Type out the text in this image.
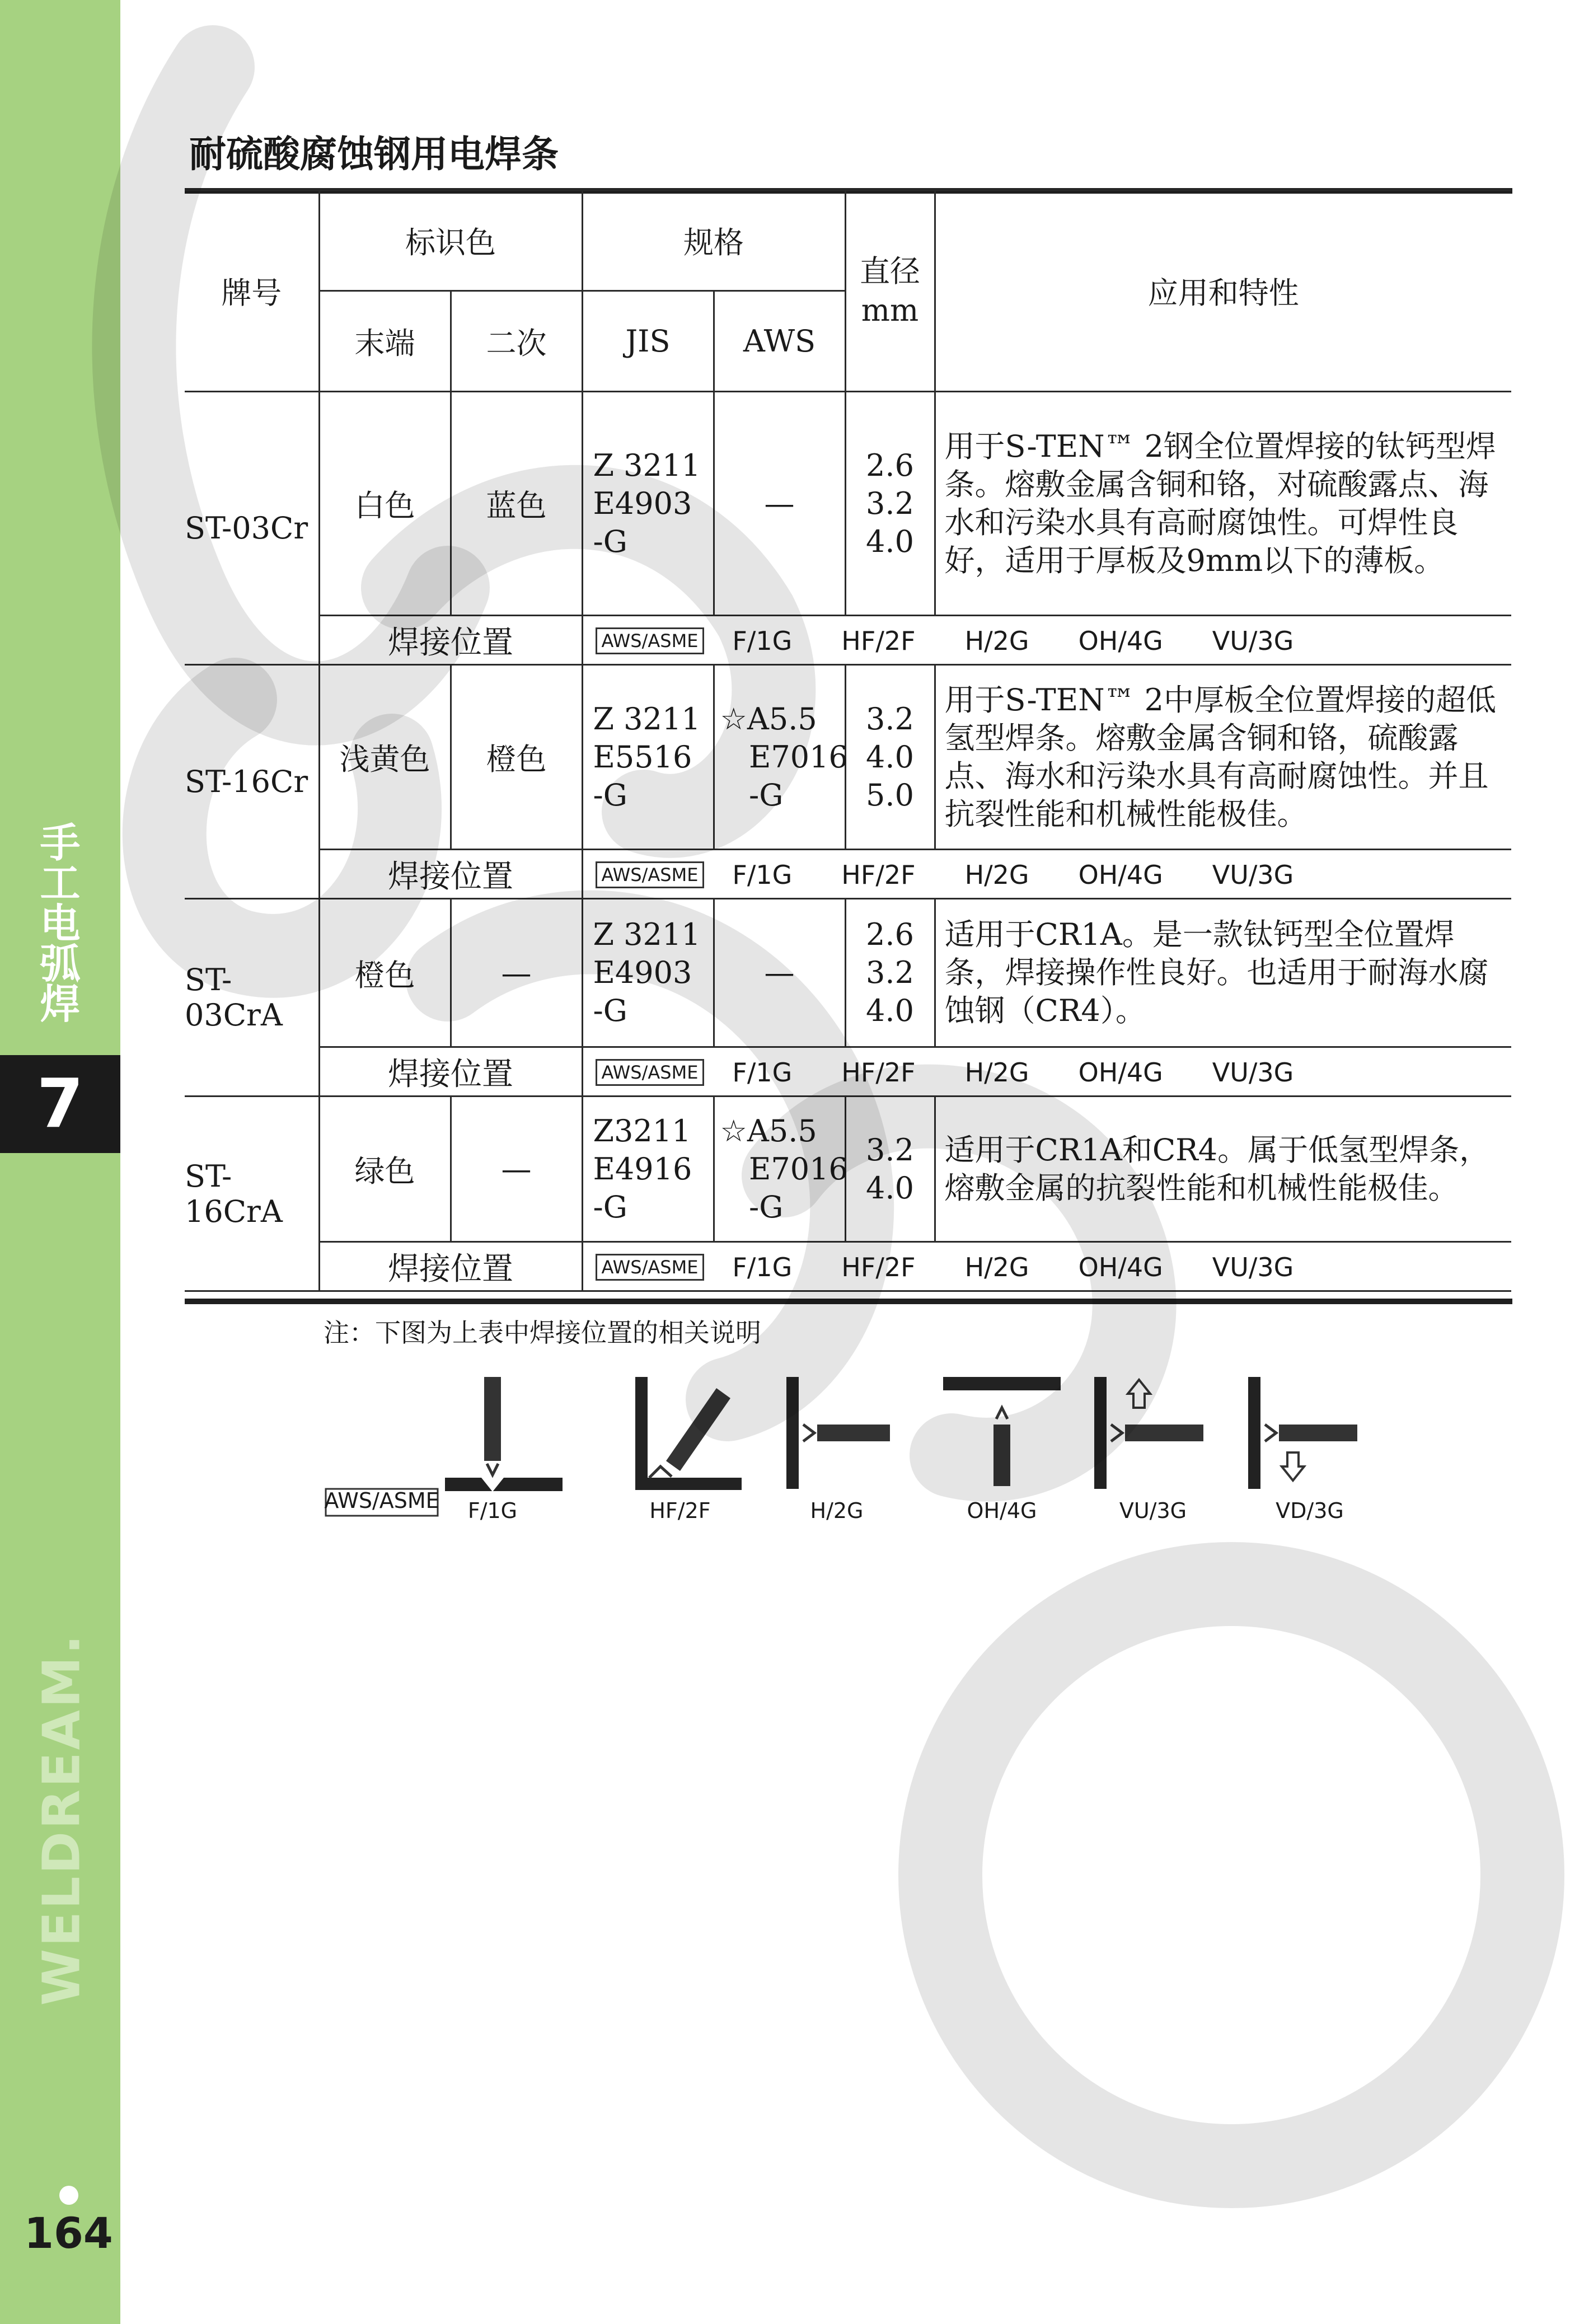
手工电弧焊
7
WELDREAM.
164
耐硫酸腐蚀钢用电焊条
牌号	标识色		规格		直径
mm	应用和特性
	末端	二次	JIS	AWS		
ST-03Cr	白色	蓝色	Z 3211
E4903
-G	—	2.6
3.2
4.0	用于S-TEN™ 2钢全位置焊接的钛钙型焊条。熔敷金属含铜和铬，对硫酸露点、海水和污染水具有高耐腐蚀性。可焊性良好，适用于厚板及9mm以下的薄板。
	焊接位置		AWS/ASME F/1G HF/2F H/2G OH/4G VU/3G			
ST-16Cr	浅黄色	橙色	Z 3211
E5516
-G	☆A5.5
E7016
-G	3.2
4.0
5.0	用于S-TEN™ 2中厚板全位置焊接的超低氢型焊条。熔敷金属含铜和铬，硫酸露点、海水和污染水具有高耐腐蚀性。并且抗裂性能和机械性能极佳。
	焊接位置		AWS/ASME F/1G HF/2F H/2G OH/4G VU/3G			
ST-03CrA	橙色	—	Z 3211
E4903
-G	—	2.6
3.2
4.0	适用于CR1A。是一款钛钙型全位置焊条，焊接操作性良好。也适用于耐海水腐蚀钢（CR4）。
	焊接位置		AWS/ASME F/1G HF/2F H/2G OH/4G VU/3G			
ST-16CrA	绿色	—	Z3211
E4916
-G	☆A5.5
E7016
-G	3.2
4.0	适用于CR1A和CR4。属于低氢型焊条，熔敷金属的抗裂性能和机械性能极佳。
	焊接位置		AWS/ASME F/1G HF/2F H/2G OH/4G VU/3G			
注：下图为上表中焊接位置的相关说明
AWS/ASME F/1G	HF/2F	H/2G	OH/4G	VU/3G	VD/3G
